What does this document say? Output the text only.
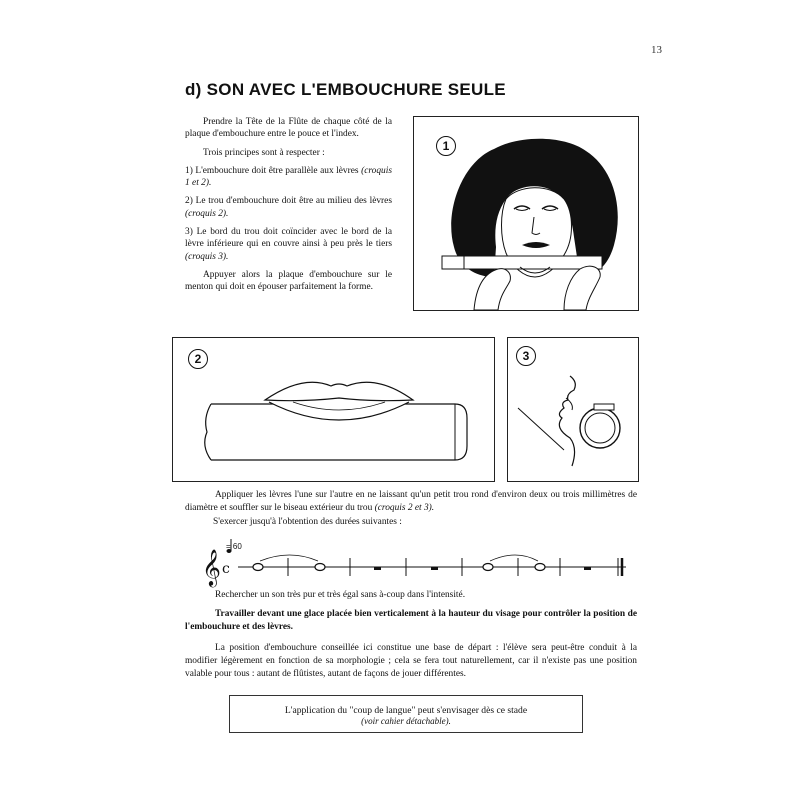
13
d) SON AVEC L'EMBOUCHURE SEULE

Prendre la Tête de la Flûte de chaque côté de la plaque d'embouchure entre le pouce et l'index.

Trois principes sont à respecter :

1) L'embouchure doit être parallèle aux lèvres (croquis 1 et 2).

2) Le trou d'embouchure doit être au milieu des lèvres (croquis 2).

3) Le bord du trou doit coïncider avec le bord de la lèvre inférieure qui en couvre ainsi à peu près le tiers (croquis 3).

Appuyer alors la plaque d'embouchure sur le menton qui doit en épouser parfaitement la forme.

1
2	3
Appliquer les lèvres l'une sur l'autre en ne laissant qu'un petit trou rond d'environ deux ou trois millimètres de diamètre et souffler sur le biseau extérieur du trou (croquis 2 et 3).
S'exercer jusqu'à l'obtention des durées suivantes :
𝄞 c
= 60
Rechercher un son très pur et très égal sans à-coup dans l'intensité.
Travailler devant une glace placée bien verticalement à la hauteur du visage pour contrôler la position de l'embouchure et des lèvres.
La position d'embouchure conseillée ici constitue une base de départ : l'élève sera peut-être conduit à la modifier légèrement en fonction de sa morphologie ; cela se fera tout naturellement, car il n'existe pas une position valable pour tous : autant de flûtistes, autant de façons de jouer différentes.
L'application du "coup de langue" peut s'envisager dès ce stade
(voir cahier détachable).
